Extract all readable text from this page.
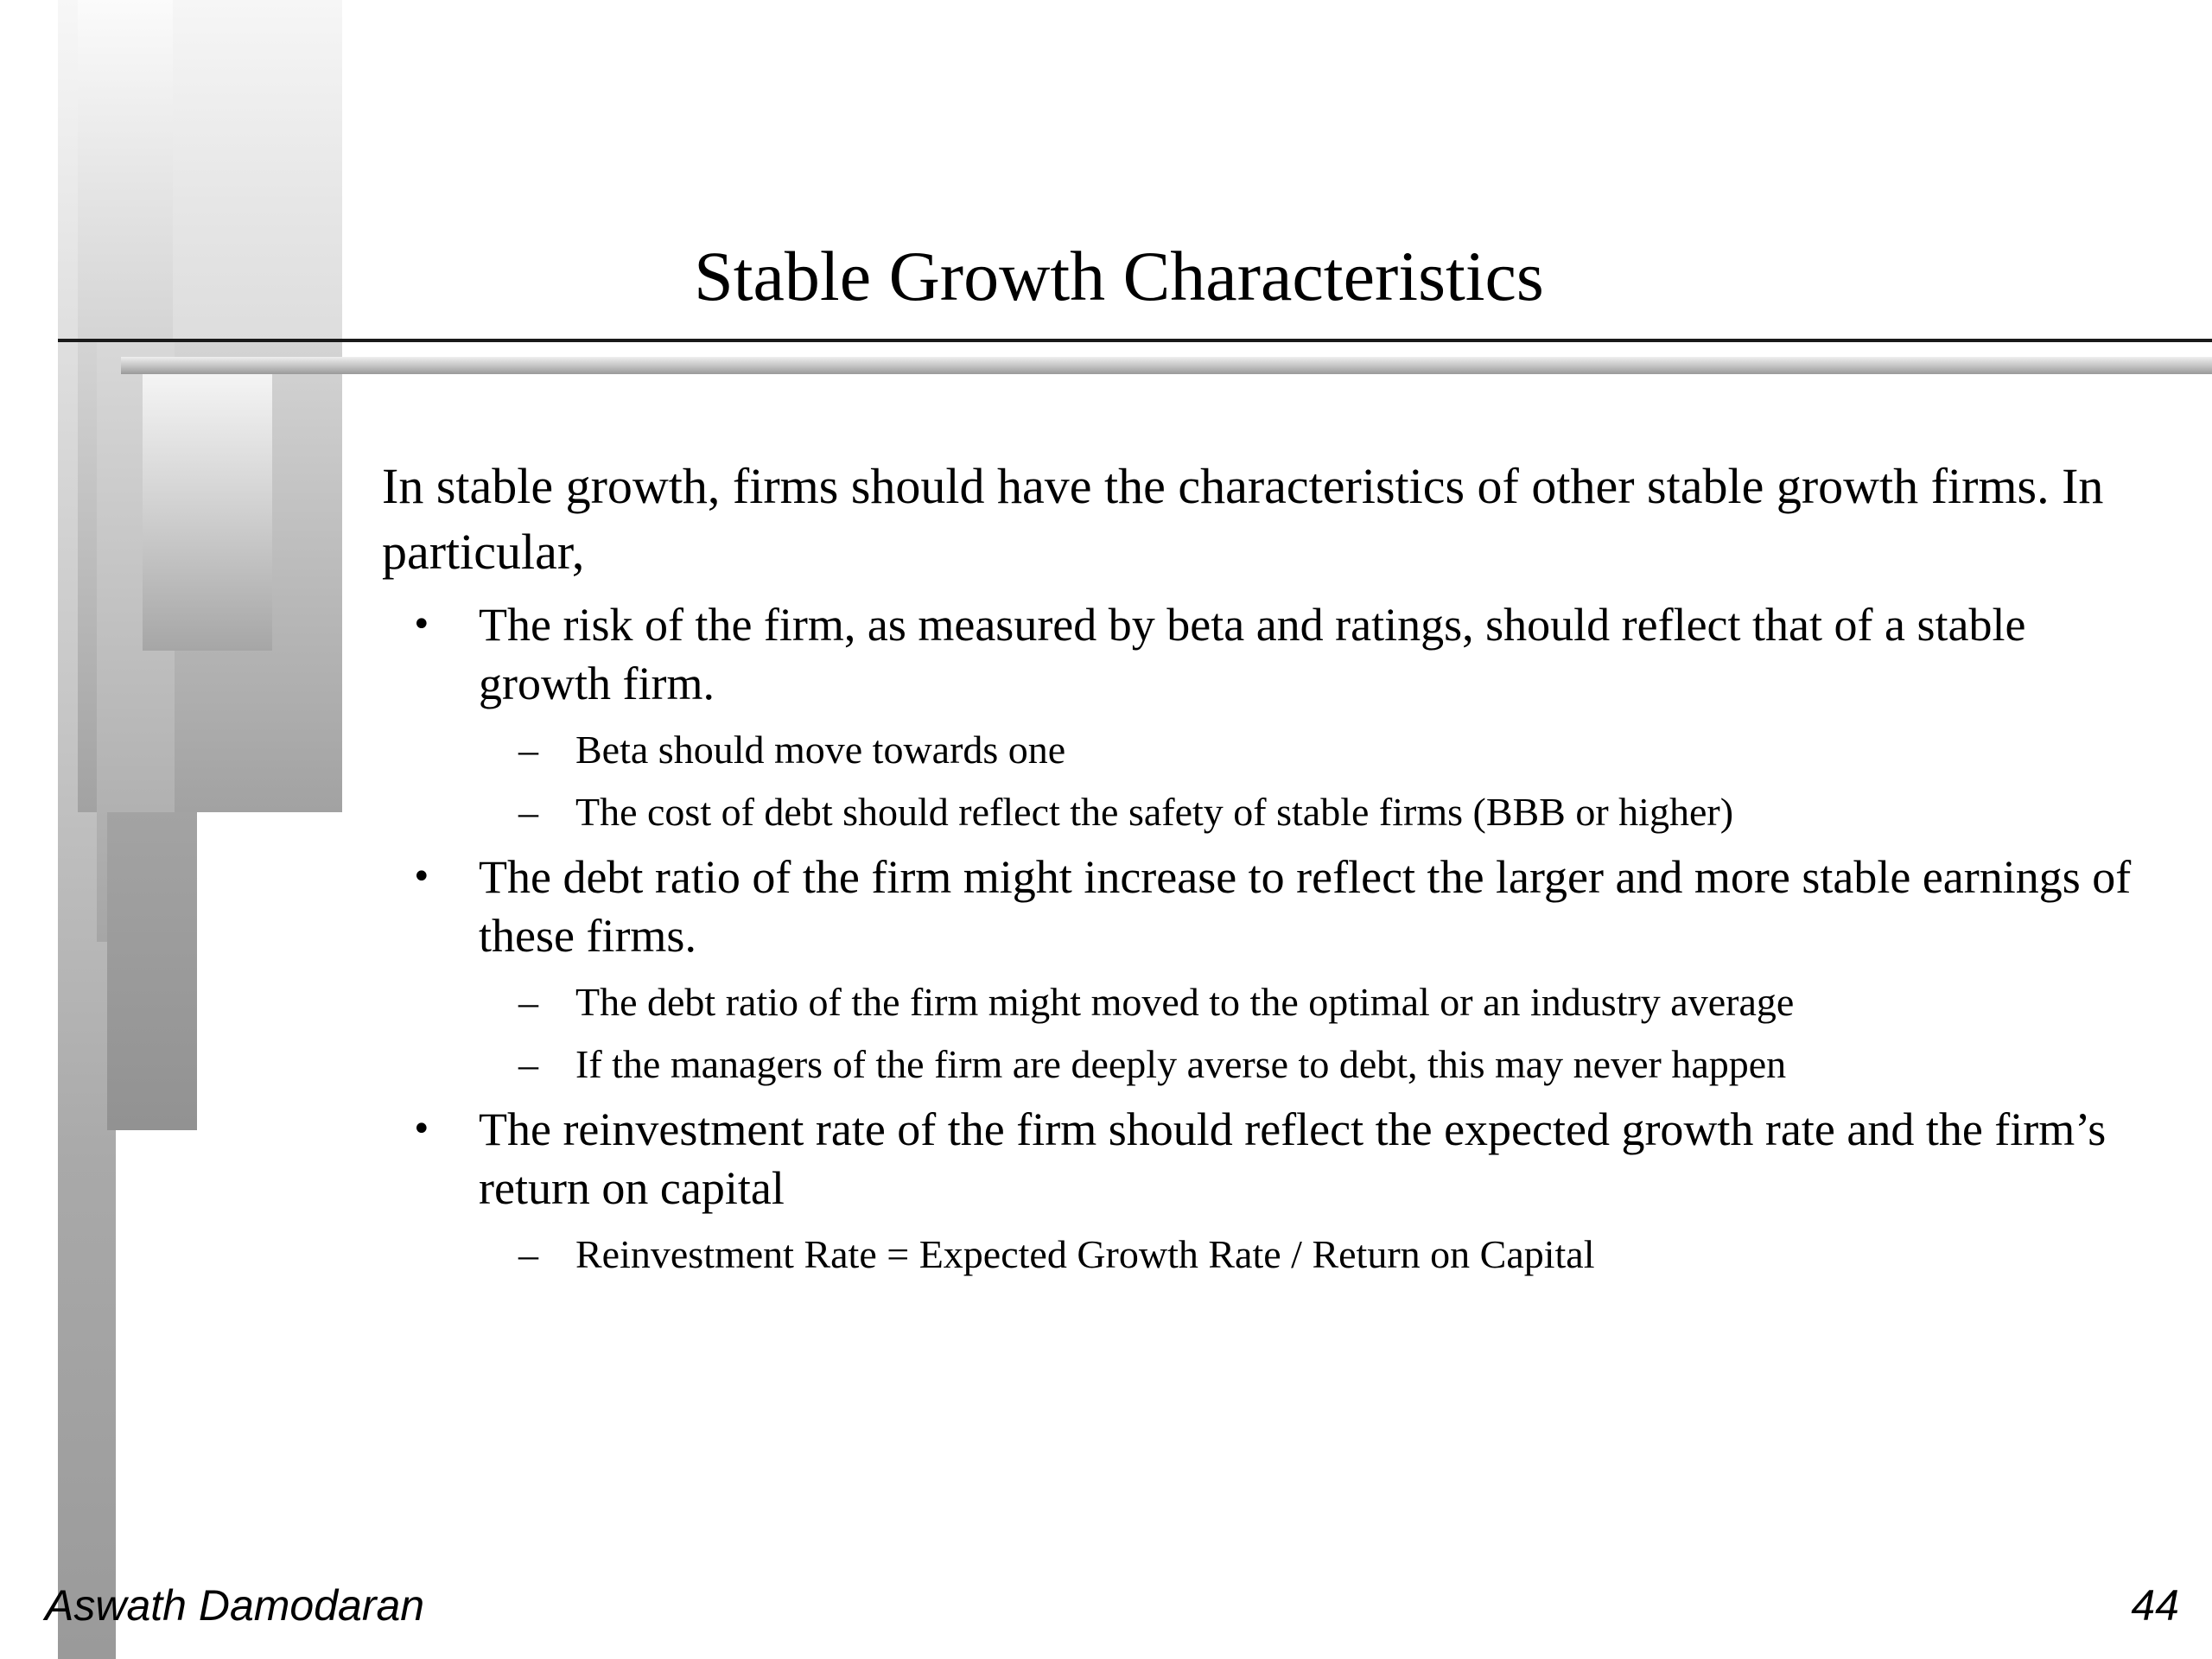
Stable Growth Characteristics
In stable growth, firms should have the characteristics of other stable growth firms. In particular,
• The risk of the firm, as measured by beta and ratings, should reflect that of a stable growth firm.
– Beta should move towards one
– The cost of debt should reflect the safety of stable firms (BBB or higher)
• The debt ratio of the firm might increase to reflect the larger and more stable earnings of these firms.
– The debt ratio of the firm might moved to the optimal or an industry average
– If the managers of the firm are deeply averse to debt, this may never happen
• The reinvestment rate of the firm should reflect the expected growth rate and the firm’s return on capital
– Reinvestment Rate = Expected Growth Rate / Return on Capital
Aswath Damodaran	44
